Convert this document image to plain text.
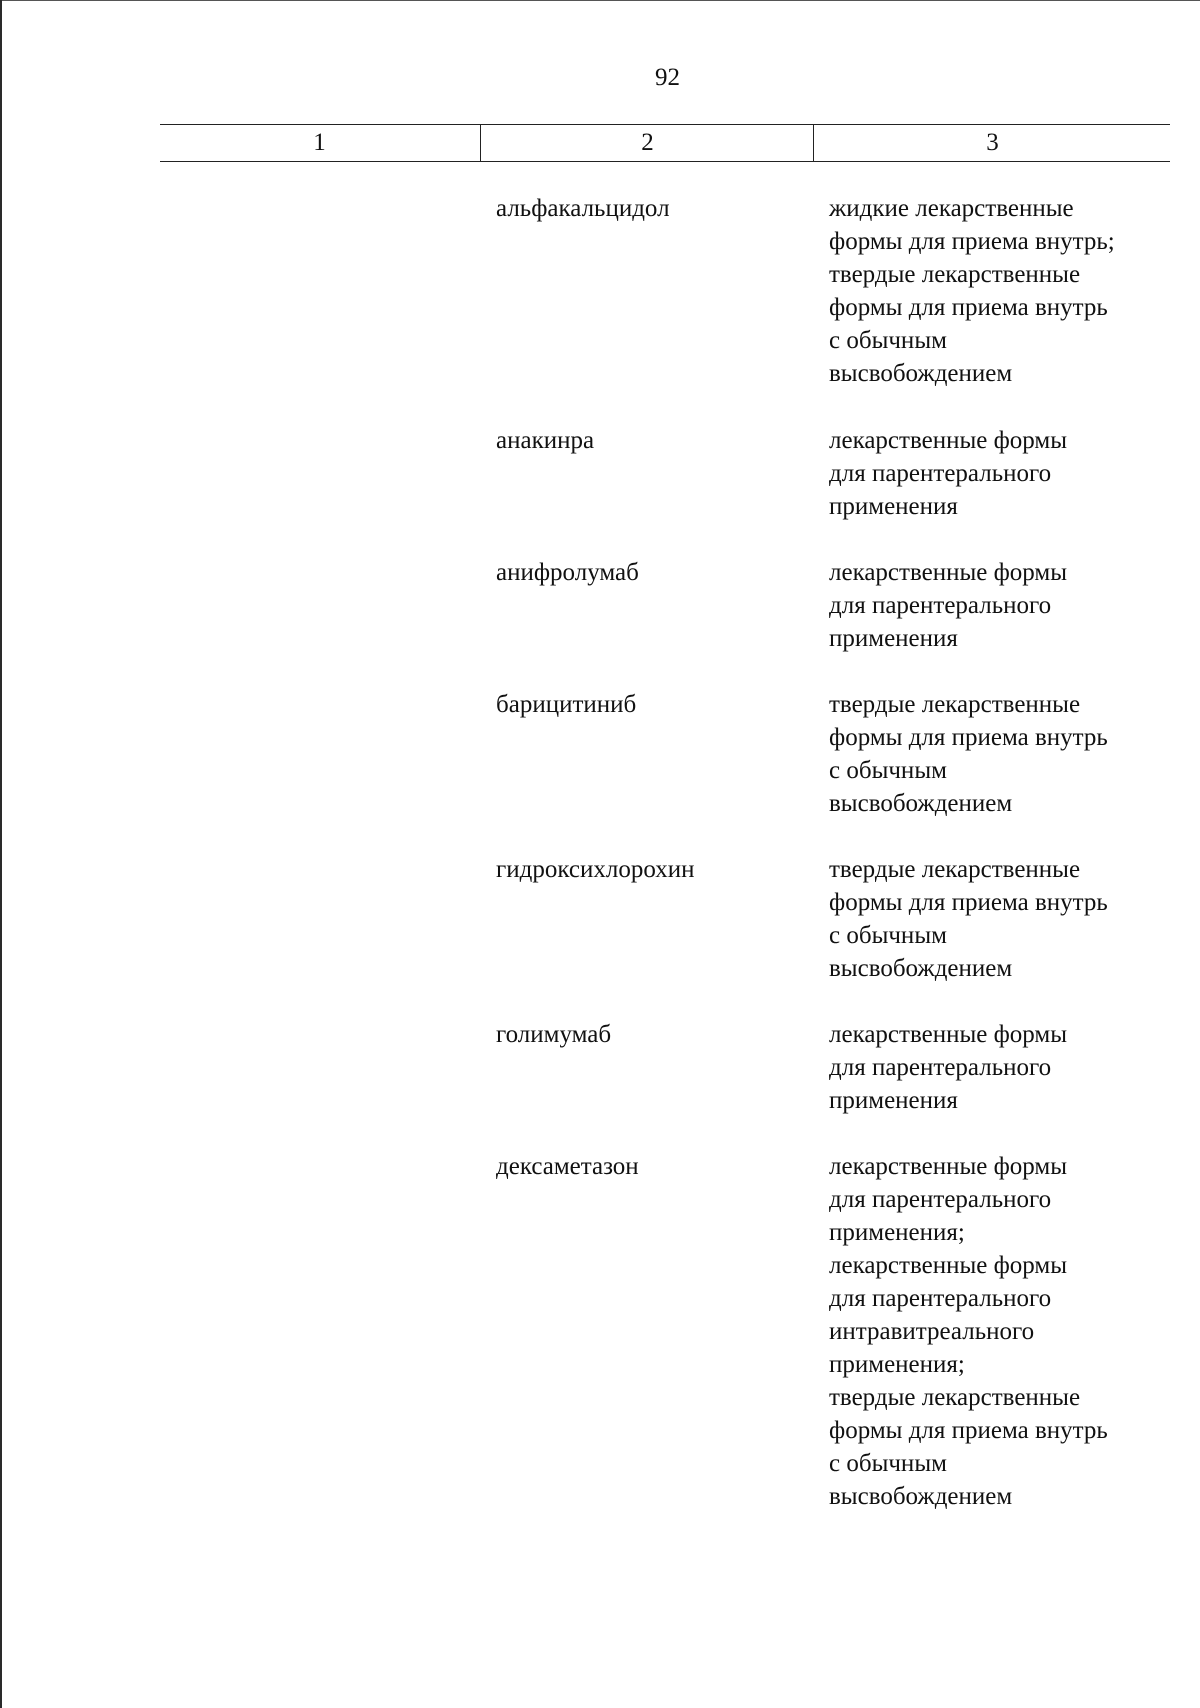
92
1	2	3
альфакальцидол	жидкие лекарственные
формы для приема внутрь;
твердые лекарственные
формы для приема внутрь
с обычным
высвобождением
анакинра	лекарственные формы
для парентерального
применения
анифролумаб	лекарственные формы
для парентерального
применения
барицитиниб	твердые лекарственные
формы для приема внутрь
с обычным
высвобождением
гидроксихлорохин	твердые лекарственные
формы для приема внутрь
с обычным
высвобождением
голимумаб	лекарственные формы
для парентерального
применения
дексаметазон	лекарственные формы
для парентерального
применения;
лекарственные формы
для парентерального
интравитреального
применения;
твердые лекарственные
формы для приема внутрь
с обычным
высвобождением
